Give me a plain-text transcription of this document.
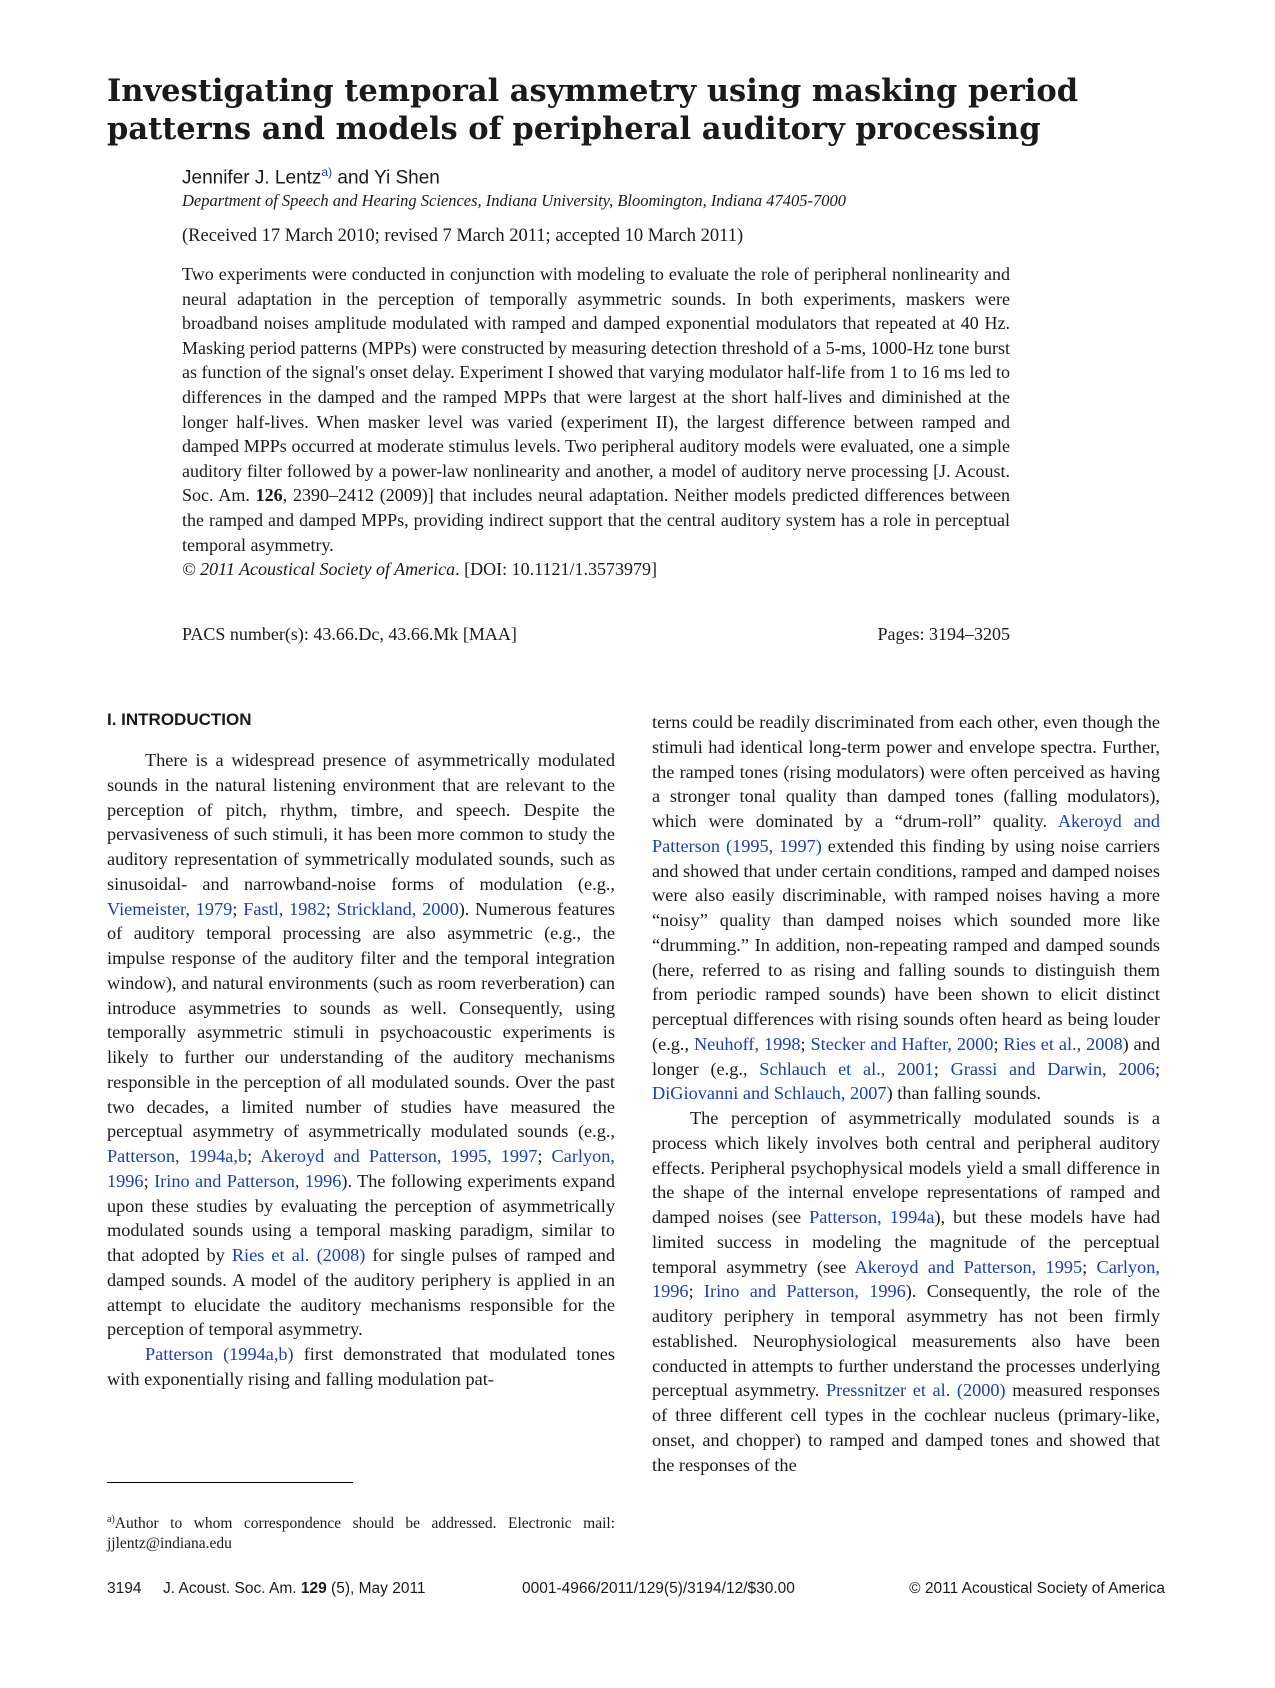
Investigating temporal asymmetry using masking period patterns and models of peripheral auditory processing
Jennifer J. Lentz$^{a)}$ and Yi Shen
Department of Speech and Hearing Sciences, Indiana University, Bloomington, Indiana 47405-7000
(Received 17 March 2010; revised 7 March 2011; accepted 10 March 2011)

Two experiments were conducted in conjunction with modeling to evaluate the role of peripheral nonlinearity and neural adaptation in the perception of temporally asymmetric sounds. In both experiments, maskers were broadband noises amplitude modulated with ramped and damped exponential modulators that repeated at 40 Hz. Masking period patterns (MPPs) were constructed by measuring detection threshold of a 5-ms, 1000-Hz tone burst as function of the signal's onset delay. Experiment I showed that varying modulator half-life from 1 to 16 ms led to differences in the damped and the ramped MPPs that were largest at the short half-lives and diminished at the longer half-lives. When masker level was varied (experiment II), the largest difference between ramped and damped MPPs occurred at moderate stimulus levels. Two peripheral auditory models were evaluated, one a simple auditory filter followed by a power-law nonlinearity and another, a model of auditory nerve processing [J. Acoust. Soc. Am. 126, 2390–2412 (2009)] that includes neural adaptation. Neither models predicted differences between the ramped and damped MPPs, providing indirect support that the central auditory system has a role in perceptual temporal asymmetry.
© 2011 Acoustical Society of America. [DOI: 10.1121/1.3573979]

PACS number(s): 43.66.Dc, 43.66.Mk [MAA]	Pages: 3194–3205
I. INTRODUCTION

There is a widespread presence of asymmetrically modulated sounds in the natural listening environment that are relevant to the perception of pitch, rhythm, timbre, and speech. Despite the pervasiveness of such stimuli, it has been more common to study the auditory representation of symmetrically modulated sounds, such as sinusoidal- and narrowband-noise forms of modulation (e.g., Viemeister, 1979; Fastl, 1982; Strickland, 2000). Numerous features of auditory temporal processing are also asymmetric (e.g., the impulse response of the auditory filter and the temporal integration window), and natural environments (such as room reverberation) can introduce asymmetries to sounds as well. Consequently, using temporally asymmetric stimuli in psychoacoustic experiments is likely to further our understanding of the auditory mechanisms responsible in the perception of all modulated sounds. Over the past two decades, a limited number of studies have measured the perceptual asymmetry of asymmetrically modulated sounds (e.g., Patterson, 1994a,b; Akeroyd and Patterson, 1995, 1997; Carlyon, 1996; Irino and Patterson, 1996). The following experiments expand upon these studies by evaluating the perception of asymmetrically modulated sounds using a temporal masking paradigm, similar to that adopted by Ries et al. (2008) for single pulses of ramped and damped sounds. A model of the auditory periphery is applied in an attempt to elucidate the auditory mechanisms responsible for the perception of temporal asymmetry.

Patterson (1994a,b) first demonstrated that modulated tones with exponentially rising and falling modulation pat-

terns could be readily discriminated from each other, even though the stimuli had identical long-term power and envelope spectra. Further, the ramped tones (rising modulators) were often perceived as having a stronger tonal quality than damped tones (falling modulators), which were dominated by a “drum-roll” quality. Akeroyd and Patterson (1995, 1997) extended this finding by using noise carriers and showed that under certain conditions, ramped and damped noises were also easily discriminable, with ramped noises having a more “noisy” quality than damped noises which sounded more like “drumming.” In addition, non-repeating ramped and damped sounds (here, referred to as rising and falling sounds to distinguish them from periodic ramped sounds) have been shown to elicit distinct perceptual differences with rising sounds often heard as being louder (e.g., Neuhoff, 1998; Stecker and Hafter, 2000; Ries et al., 2008) and longer (e.g., Schlauch et al., 2001; Grassi and Darwin, 2006; DiGiovanni and Schlauch, 2007) than falling sounds.

The perception of asymmetrically modulated sounds is a process which likely involves both central and peripheral auditory effects. Peripheral psychophysical models yield a small difference in the shape of the internal envelope representations of ramped and damped noises (see Patterson, 1994a), but these models have had limited success in modeling the magnitude of the perceptual temporal asymmetry (see Akeroyd and Patterson, 1995; Carlyon, 1996; Irino and Patterson, 1996). Consequently, the role of the auditory periphery in temporal asymmetry has not been firmly established. Neurophysiological measurements also have been conducted in attempts to further understand the processes underlying perceptual asymmetry. Pressnitzer et al. (2000) measured responses of three different cell types in the cochlear nucleus (primary-like, onset, and chopper) to ramped and damped tones and showed that the responses of the

$^{a)}$Author to whom correspondence should be addressed. Electronic mail: jjlentz@indiana.edu
3194 J. Acoust. Soc. Am. 129 (5), May 2011	0001-4966/2011/129(5)/3194/12/$30.00	© 2011 Acoustical Society of America
